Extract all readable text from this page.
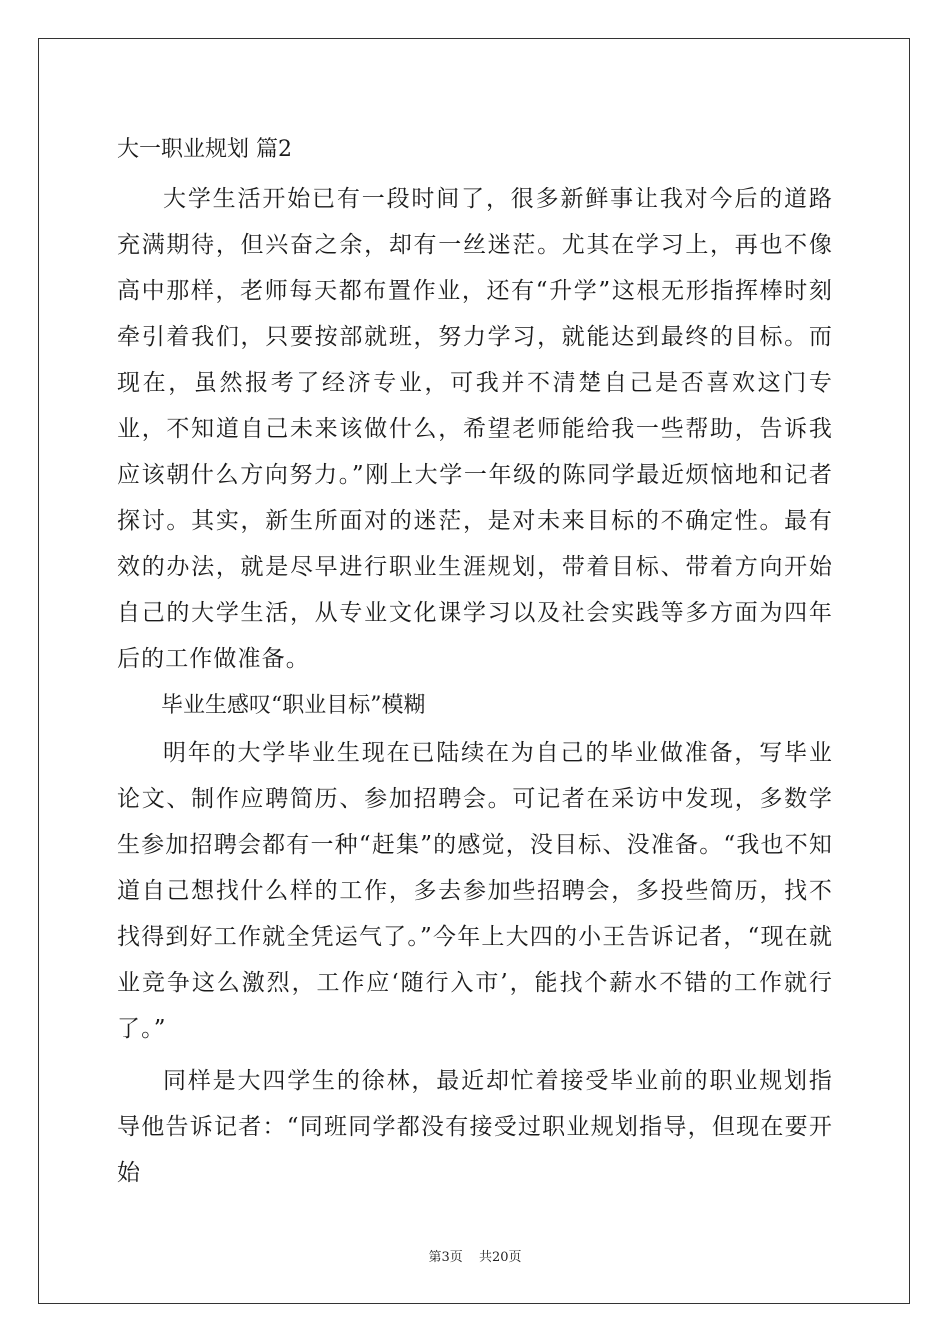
大一职业规划 篇2

大学生活开始已有一段时间了，很多新鲜事让我对今后的道路充满期待，但兴奋之余，却有一丝迷茫。尤其在学习上，再也不像高中那样，老师每天都布置作业，还有“升学”这根无形指挥棒时刻牵引着我们，只要按部就班，努力学习，就能达到最终的目标。而现在，虽然报考了经济专业，可我并不清楚自己是否喜欢这门专业，不知道自己未来该做什么，希望老师能给我一些帮助，告诉我应该朝什么方向努力。”刚上大学一年级的陈同学最近烦恼地和记者探讨。其实，新生所面对的迷茫，是对未来目标的不确定性。最有效的办法，就是尽早进行职业生涯规划，带着目标、带着方向开始自己的大学生活，从专业文化课学习以及社会实践等多方面为四年后的工作做准备。

毕业生感叹“职业目标”模糊

明年的大学毕业生现在已陆续在为自己的毕业做准备，写毕业论文、制作应聘简历、参加招聘会。可记者在采访中发现，多数学生参加招聘会都有一种“赶集”的感觉，没目标、没准备。“我也不知道自己想找什么样的工作，多去参加些招聘会，多投些简历，找不找得到好工作就全凭运气了。”今年上大四的小王告诉记者，“现在就业竞争这么激烈，工作应‘随行入市’，能找个薪水不错的工作就行了。”

同样是大四学生的徐林，最近却忙着接受毕业前的职业规划指导他告诉记者：“同班同学都没有接受过职业规划指导，但现在要开始

第3页 共20页
